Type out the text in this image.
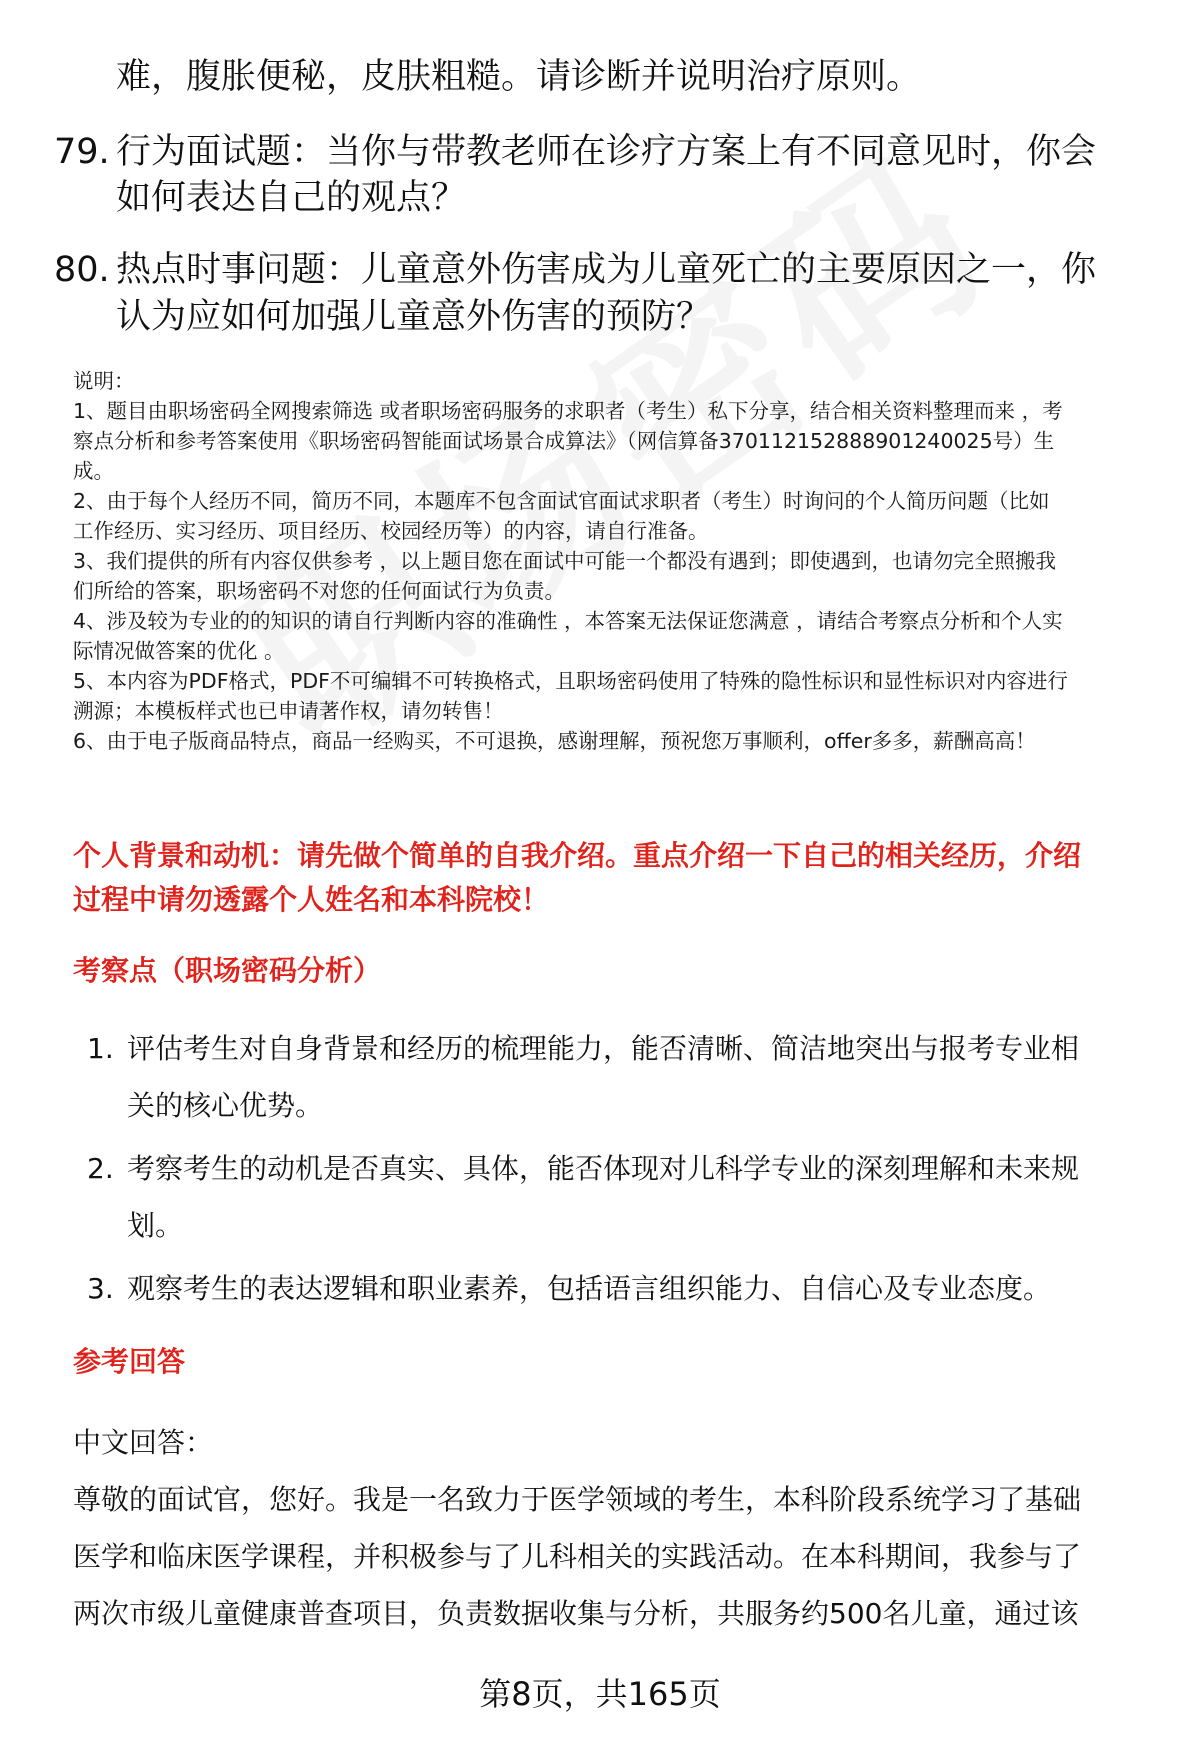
难，腹胀便秘，皮肤粗糙。请诊断并说明治疗原则。
79. 行为面试题：当你与带教老师在诊疗方案上有不同意见时，你会
如何表达自己的观点？
80. 热点时事问题：儿童意外伤害成为儿童死亡的主要原因之一，你
认为应如何加强儿童意外伤害的预防？

说明：

1、题目由职场密码全网搜索筛选 或者职场密码服务的求职者（考生）私下分享，结合相关资料整理而来 ，考

察点分析和参考答案使用《职场密码智能面试场景合成算法》（网信算备370112152888901240025号）生

成。

2、由于每个人经历不同，简历不同，本题库不包含面试官面试求职者（考生）时询问的个人简历问题（比如

工作经历、实习经历、项目经历、校园经历等）的内容，请自行准备。

3、我们提供的所有内容仅供参考 ，以上题目您在面试中可能一个都没有遇到；即使遇到，也请勿完全照搬我

们所给的答案，职场密码不对您的任何面试行为负责。

4、涉及较为专业的的知识的请自行判断内容的准确性 ，本答案无法保证您满意 ，请结合考察点分析和个人实

际情况做答案的优化 。

5、本内容为PDF格式，PDF不可编辑不可转换格式，且职场密码使用了特殊的隐性标识和显性标识对内容进行

溯源；本模板样式也已申请著作权，请勿转售！

6、由于电子版商品特点，商品一经购买，不可退换，感谢理解，预祝您万事顺利，offer多多，薪酬高高！

个人背景和动机：请先做个简单的自我介绍。重点介绍一下自己的相关经历，介绍
过程中请勿透露个人姓名和本科院校！
考察点（职场密码分析）
1. 评估考生对自身背景和经历的梳理能力，能否清晰、简洁地突出与报考专业相
关的核心优势。
2. 考察考生的动机是否真实、具体，能否体现对儿科学专业的深刻理解和未来规
划。
3. 观察考生的表达逻辑和职业素养，包括语言组织能力、自信心及专业态度。
参考回答
中文回答：
尊敬的面试官，您好。我是一名致力于医学领域的考生，本科阶段系统学习了基础
医学和临床医学课程，并积极参与了儿科相关的实践活动。在本科期间，我参与了
两次市级儿童健康普查项目，负责数据收集与分析，共服务约500名儿童，通过该
第8页，共165页
